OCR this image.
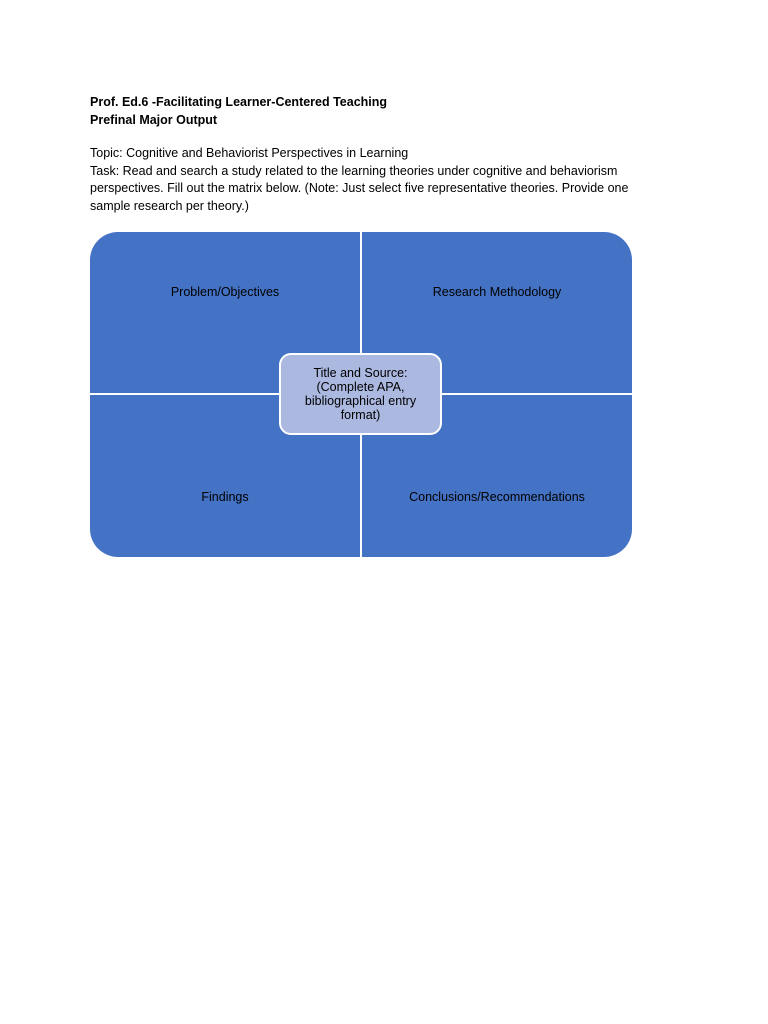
Prof. Ed.6 -Facilitating Learner-Centered Teaching
Prefinal Major Output
Topic: Cognitive and Behaviorist Perspectives in Learning
Task: Read and search a study related to the learning theories under cognitive and behaviorism
perspectives. Fill out the matrix below. (Note: Just select five representative theories. Provide one
sample research per theory.)
Problem/Objectives	Research Methodology
Findings	Conclusions/Recommendations
Title and Source:
(Complete APA,
bibliographical entry
format)
